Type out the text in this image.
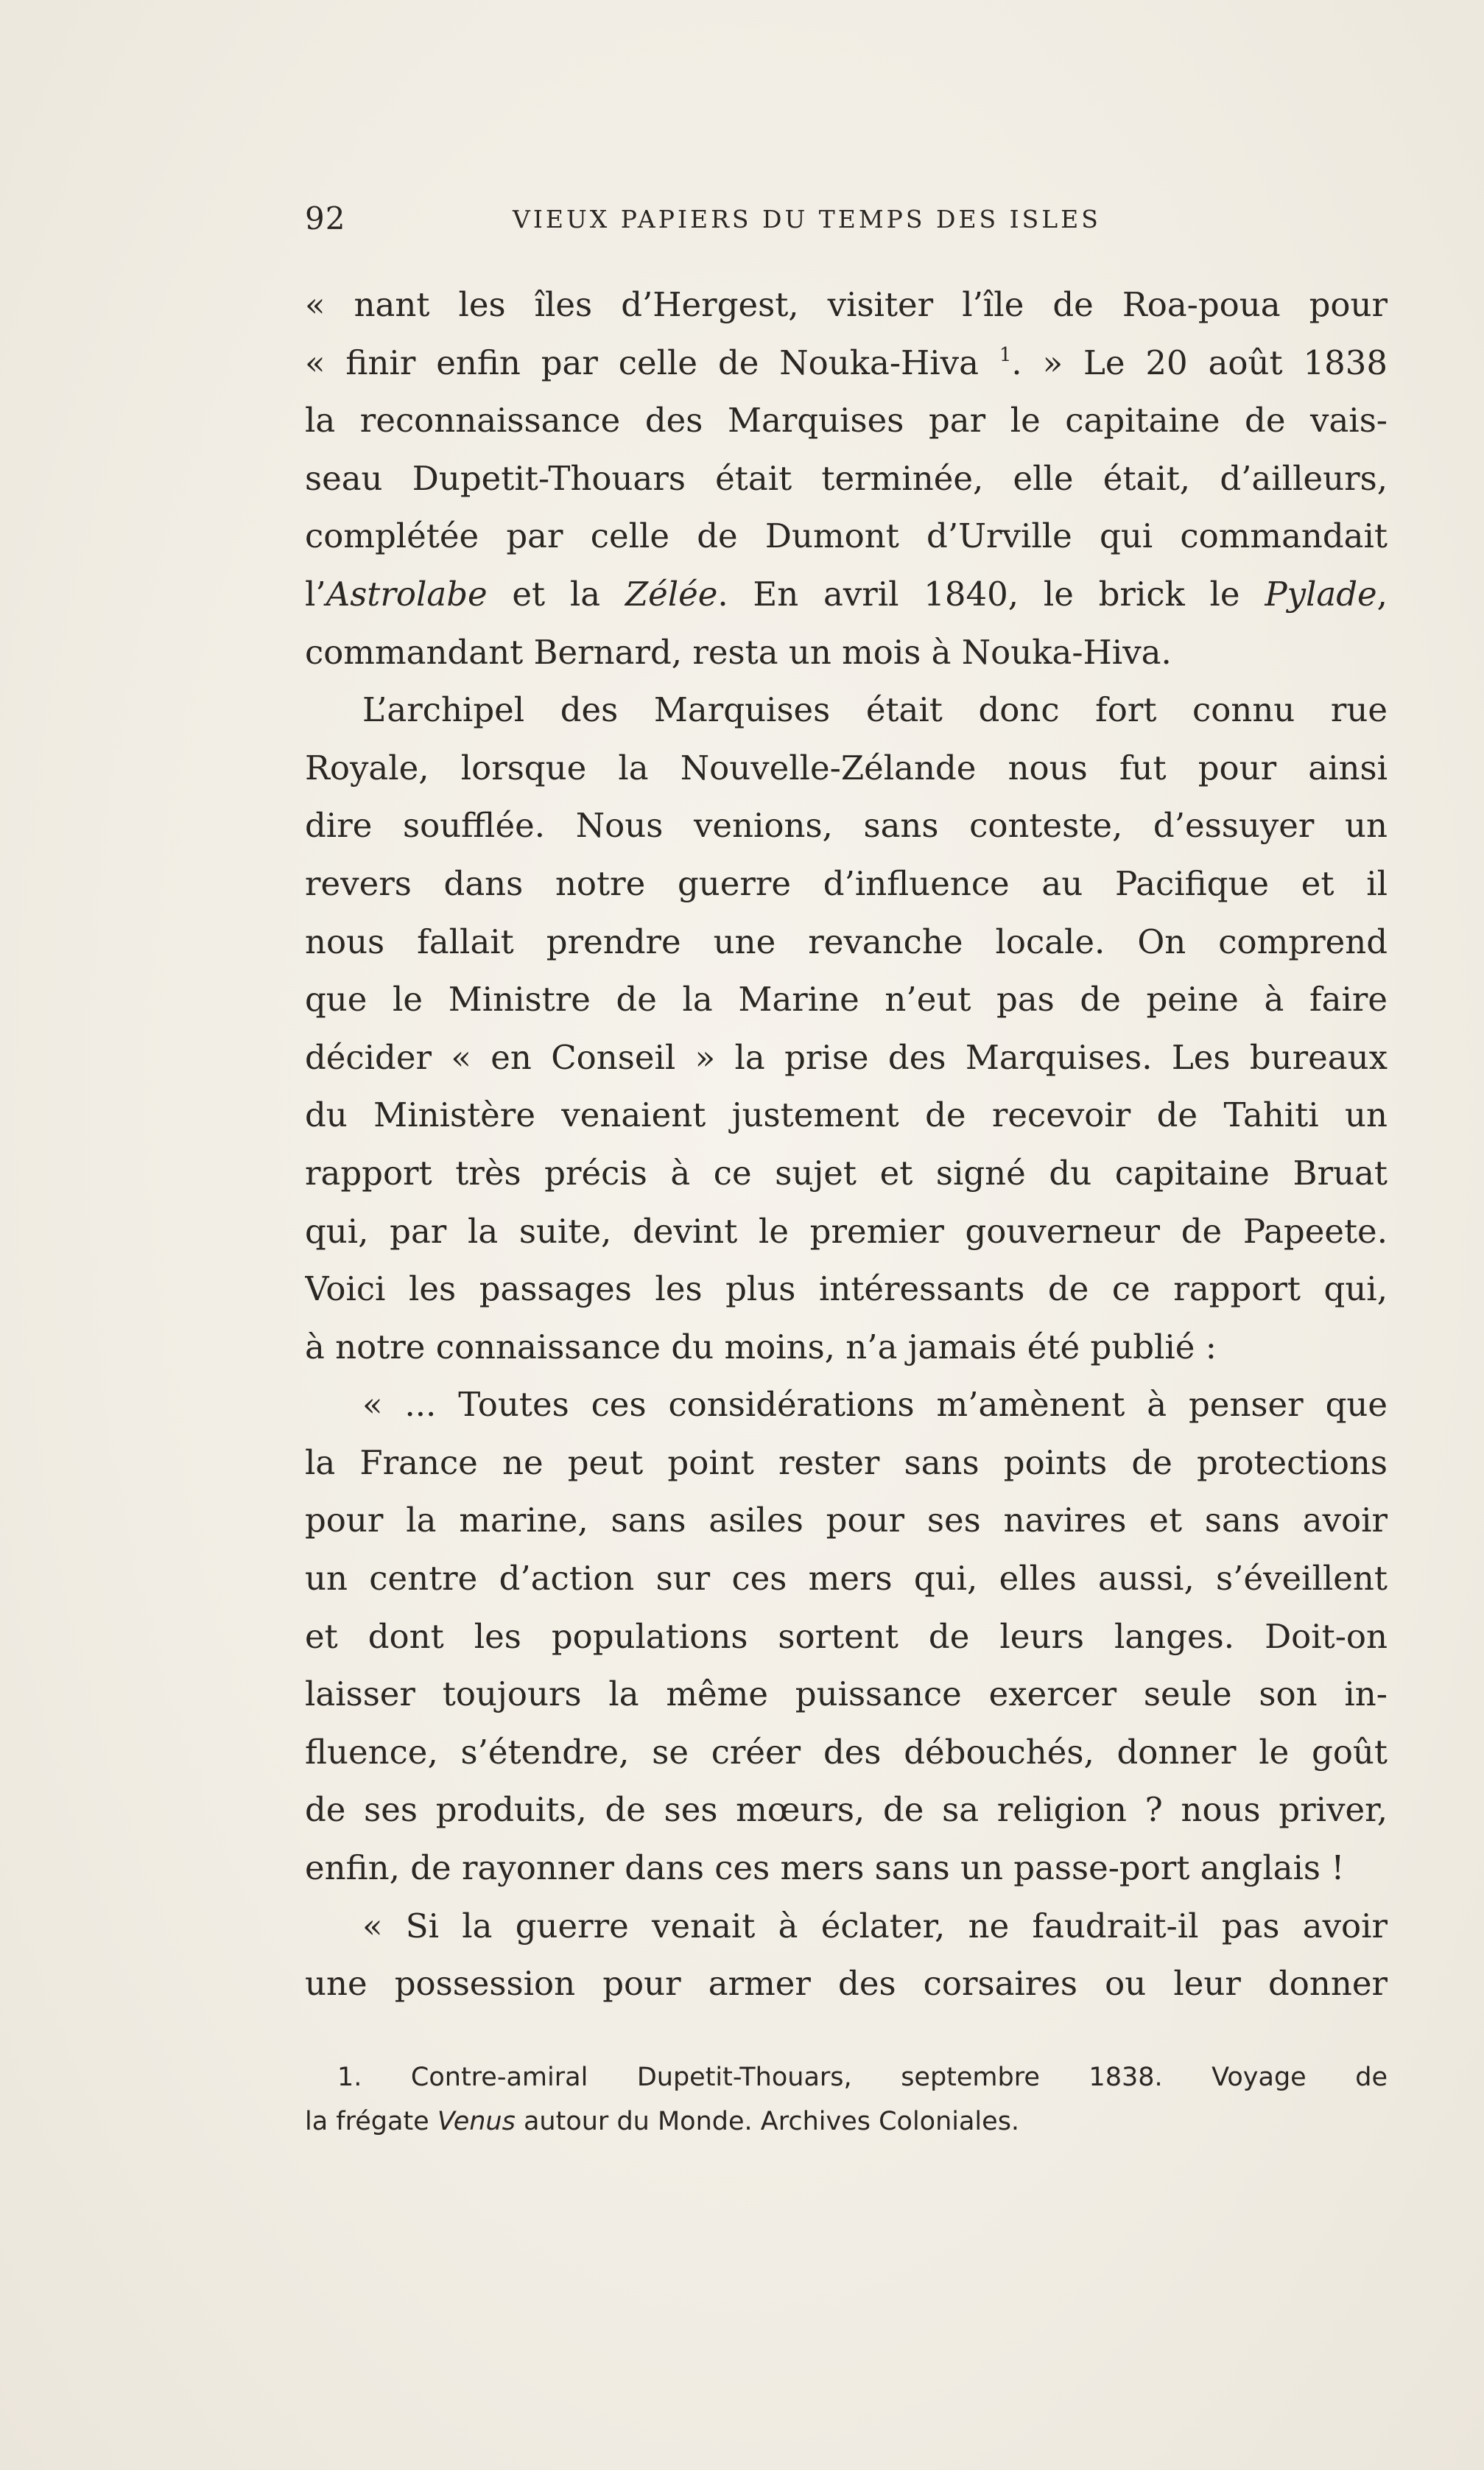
92	VIEUX PAPIERS DU TEMPS DES ISLES
« nant les îles d’Hergest, visiter l’île de Roa-poua pour
« finir enfin par celle de Nouka-Hiva $^1$. » Le 20 août 1838
la reconnaissance des Marquises par le capitaine de vais-
seau Dupetit-Thouars était terminée, elle était, d’ailleurs,
complétée par celle de Dumont d’Urville qui commandait
l’Astrolabe et la Zélée. En avril 1840, le brick le Pylade,
commandant Bernard, resta un mois à Nouka-Hiva.
L’archipel des Marquises était donc fort connu rue
Royale, lorsque la Nouvelle-Zélande nous fut pour ainsi
dire soufflée. Nous venions, sans conteste, d’essuyer un
revers dans notre guerre d’influence au Pacifique et il
nous fallait prendre une revanche locale. On comprend
que le Ministre de la Marine n’eut pas de peine à faire
décider « en Conseil » la prise des Marquises. Les bureaux
du Ministère venaient justement de recevoir de Tahiti un
rapport très précis à ce sujet et signé du capitaine Bruat
qui, par la suite, devint le premier gouverneur de Papeete.
Voici les passages les plus intéressants de ce rapport qui,
à notre connaissance du moins, n’a jamais été publié :
« ... Toutes ces considérations m’amènent à penser que
la France ne peut point rester sans points de protections
pour la marine, sans asiles pour ses navires et sans avoir
un centre d’action sur ces mers qui, elles aussi, s’éveillent
et dont les populations sortent de leurs langes. Doit-on
laisser toujours la même puissance exercer seule son in-
fluence, s’étendre, se créer des débouchés, donner le goût
de ses produits, de ses mœurs, de sa religion ? nous priver,
enfin, de rayonner dans ces mers sans un passe-port anglais !
« Si la guerre venait à éclater, ne faudrait-il pas avoir
une possession pour armer des corsaires ou leur donner
1. Contre-amiral Dupetit-Thouars, septembre 1838. Voyage de
la frégate Venus autour du Monde. Archives Coloniales.
